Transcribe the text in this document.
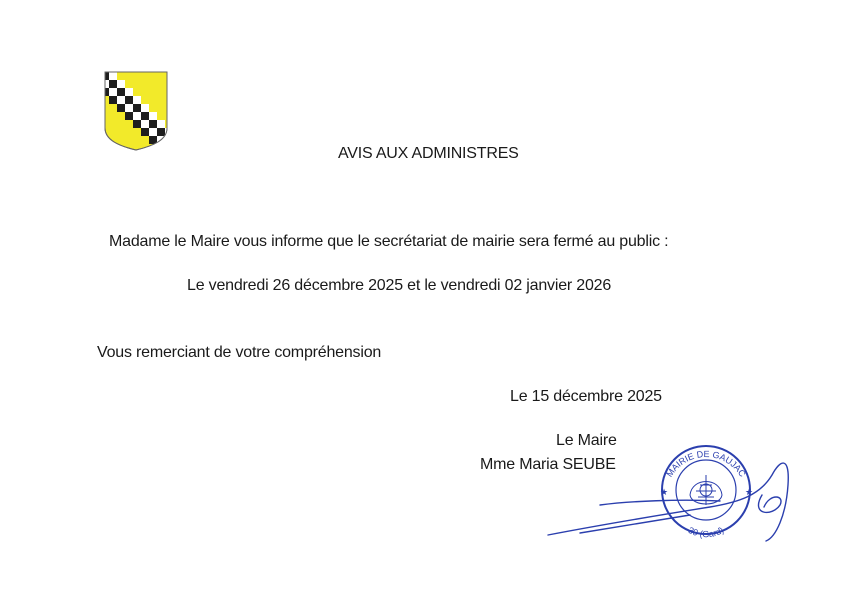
AVIS AUX ADMINISTRES
Madame le Maire vous informe que le secrétariat de mairie sera fermé au public :
Le vendredi 26 décembre 2025 et le vendredi 02 janvier 2026
Vous remerciant de votre compréhension
Le 15 décembre 2025
Le Maire
Mme Maria SEUBE	MAIRIE DE GAUJAC
30 (Gard)
★	★
